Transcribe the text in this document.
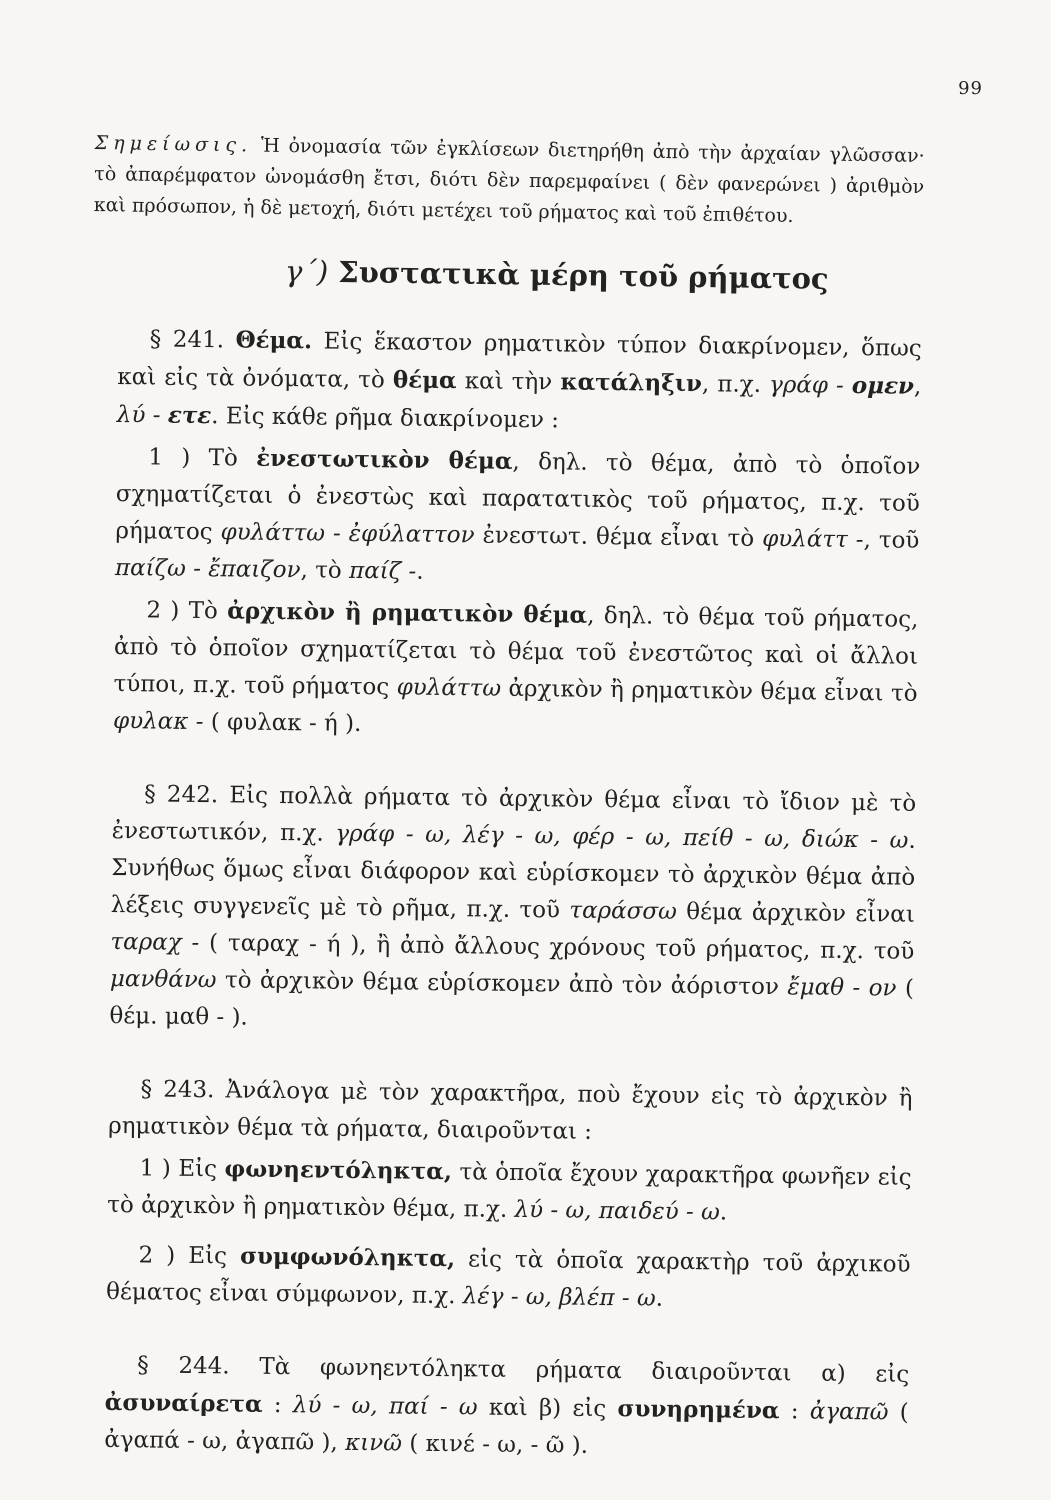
99
Σημείωσις. Ἡ ὀνομασία τῶν ἐγκλίσεων διετηρήθη ἀπὸ τὴν ἀρχαίαν γλῶσσαν· τὸ ἀπαρέμφατον ὠνομάσθη ἔτσι, διότι δὲν παρεμφαίνει ( δὲν φανερώνει ) ἀριθμὸν καὶ πρόσωπον, ἡ δὲ μετοχή, διότι μετέχει τοῦ ρήματος καὶ τοῦ ἐπιθέτου.
γ΄) Συστατικὰ μέρη τοῦ ρήματος

§ 241. Θέμα. Εἰς ἕκαστον ρηματικὸν τύπον διακρίνομεν, ὅπως καὶ εἰς τὰ ὀνόματα, τὸ θέμα καὶ τὴν κατάληξιν, π.χ. γράφ - ομεν, λύ - ετε. Εἰς κάθε ρῆμα διακρίνομεν :

1 ) Τὸ ἐνεστωτικὸν θέμα, δηλ. τὸ θέμα, ἀπὸ τὸ ὁποῖον σχηματίζεται ὁ ἐνεστὼς καὶ παρατατικὸς τοῦ ρήματος, π.χ. τοῦ ρήματος φυλάττω - ἐφύλαττον ἐνεστωτ. θέμα εἶναι τὸ φυλάττ -, τοῦ παίζω - ἔπαιζον, τὸ παίζ -.

2 ) Τὸ ἀρχικὸν ἢ ρηματικὸν θέμα, δηλ. τὸ θέμα τοῦ ρήματος, ἀπὸ τὸ ὁποῖον σχηματίζεται τὸ θέμα τοῦ ἐνεστῶτος καὶ οἱ ἄλλοι τύποι, π.χ. τοῦ ρήματος φυλάττω ἀρχικὸν ἢ ρηματικὸν θέμα εἶναι τὸ φυλακ - ( φυλακ - ή ).

§ 242. Εἰς πολλὰ ρήματα τὸ ἀρχικὸν θέμα εἶναι τὸ ἴδιον μὲ τὸ ἐνεστωτικόν, π.χ. γράφ - ω, λέγ - ω, φέρ - ω, πείθ - ω, διώκ - ω. Συνήθως ὅμως εἶναι διάφορον καὶ εὑρίσκομεν τὸ ἀρχικὸν θέμα ἀπὸ λέξεις συγγενεῖς μὲ τὸ ρῆμα, π.χ. τοῦ ταράσσω θέμα ἀρχικὸν εἶναι ταραχ - ( ταραχ - ή ), ἢ ἀπὸ ἄλλους χρόνους τοῦ ρήματος, π.χ. τοῦ μανθάνω τὸ ἀρχικὸν θέμα εὑρίσκομεν ἀπὸ τὸν ἀόριστον ἔμαθ - ον ( θέμ. μαθ - ).

§ 243. Ἀνάλογα μὲ τὸν χαρακτῆρα, ποὺ ἔχουν εἰς τὸ ἀρχικὸν ἢ ρηματικὸν θέμα τὰ ρήματα, διαιροῦνται :

1 ) Εἰς φωνηεντόληκτα, τὰ ὁποῖα ἔχουν χαρακτῆρα φωνῆεν εἰς τὸ ἀρχικὸν ἢ ρηματικὸν θέμα, π.χ. λύ - ω, παιδεύ - ω.

2 ) Εἰς συμφωνόληκτα, εἰς τὰ ὁποῖα χαρακτὴρ τοῦ ἀρχικοῦ θέματος εἶναι σύμφωνον, π.χ. λέγ - ω, βλέπ - ω.

§ 244. Τὰ φωνηεντόληκτα ρήματα διαιροῦνται α) εἰς ἀσυναίρετα : λύ - ω, παί - ω καὶ β) εἰς συνηρημένα : ἀγαπῶ ( ἀγαπά - ω, ἀγαπῶ ), κινῶ ( κινέ - ω, - ῶ ).
